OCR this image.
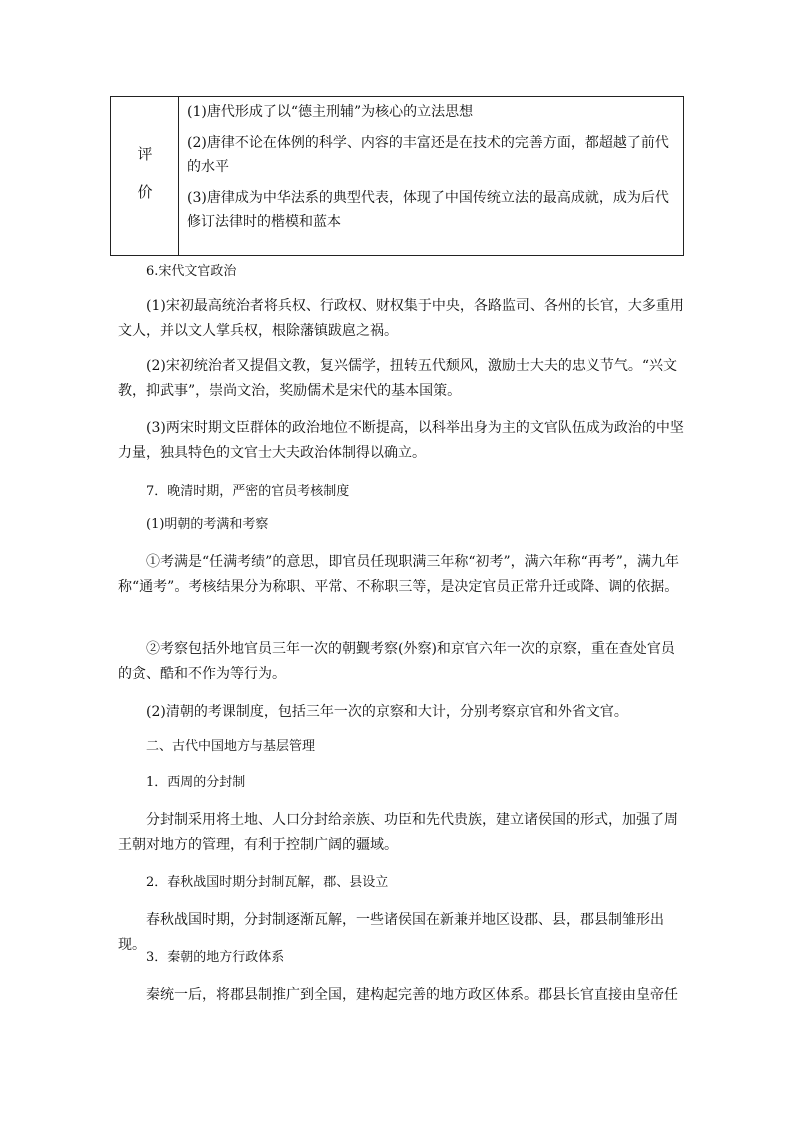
评
价

(1)唐代形成了以“德主刑辅”为核心的立法思想

(2)唐律不论在体例的科学、内容的丰富还是在技术的完善方面，都超越了前代的水平

(3)唐律成为中华法系的典型代表，体现了中国传统立法的最高成就，成为后代修订法律时的楷模和蓝本

6.宋代文官政治

(1)宋初最高统治者将兵权、行政权、财权集于中央，各路监司、各州的长官，大多重用文人，并以文人掌兵权，根除藩镇跋扈之祸。

(2)宋初统治者又提倡文教，复兴儒学，扭转五代颓风，激励士大夫的忠义节气。“兴文教，抑武事”，崇尚文治，奖励儒术是宋代的基本国策。

(3)两宋时期文臣群体的政治地位不断提高，以科举出身为主的文官队伍成为政治的中坚力量，独具特色的文官士大夫政治体制得以确立。

7．晚清时期，严密的官员考核制度

(1)明朝的考满和考察

①考满是“任满考绩”的意思，即官员任现职满三年称“初考”，满六年称“再考”，满九年称“通考”。考核结果分为称职、平常、不称职三等，是决定官员正常升迁或降、调的依据。

②考察包括外地官员三年一次的朝觐考察(外察)和京官六年一次的京察，重在查处官员的贪、酷和不作为等行为。

(2)清朝的考课制度，包括三年一次的京察和大计，分别考察京官和外省文官。

二、古代中国地方与基层管理

1．西周的分封制

分封制采用将土地、人口分封给亲族、功臣和先代贵族，建立诸侯国的形式，加强了周王朝对地方的管理，有利于控制广阔的疆域。

2．春秋战国时期分封制瓦解，郡、县设立

春秋战国时期，分封制逐渐瓦解，一些诸侯国在新兼并地区设郡、县，郡县制雏形出现。

3．秦朝的地方行政体系

秦统一后，将郡县制推广到全国，建构起完善的地方政区体系。郡县长官直接由皇帝任
